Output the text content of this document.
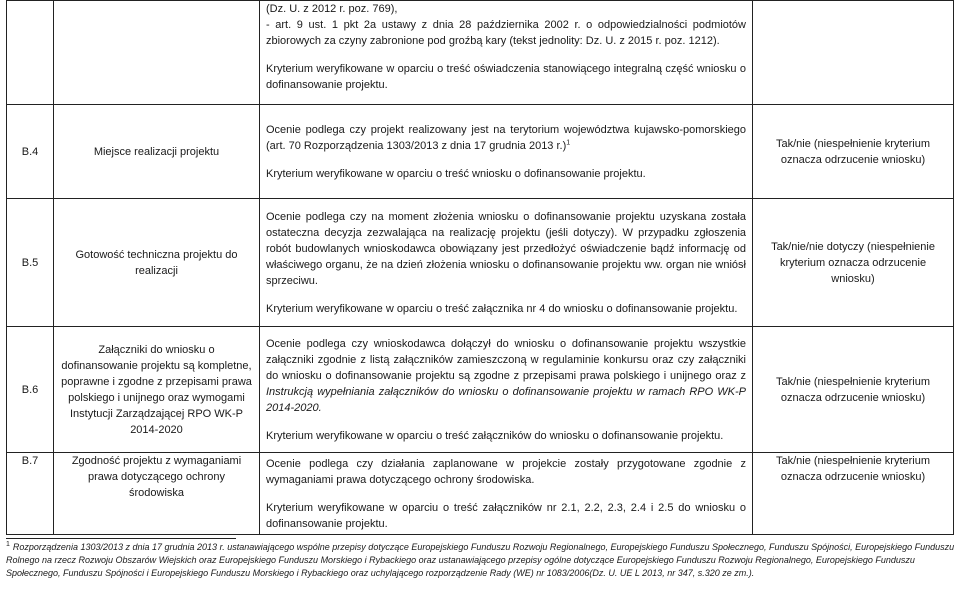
		(Dz. U. z 2012 r. poz. 769),

- art. 9 ust. 1 pkt 2a ustawy z dnia 28 października 2002 r. o odpowiedzialności podmiotów zbiorowych za czyny zabronione pod groźbą kary (tekst jednolity: Dz. U. z 2015 r. poz. 1212).

Kryterium weryfikowane w oparciu o treść oświadczenia stanowiącego integralną część wniosku o dofinansowanie projektu.	

B.4	Miejsce realizacji projektu	Ocenie podlega czy projekt realizowany jest na terytorium województwa kujawsko-pomorskiego (art. 70 Rozporządzenia 1303/2013 z dnia 17 grudnia 2013 r.)$^1$

Kryterium weryfikowane w oparciu o treść wniosku o dofinansowanie projektu.	Tak/nie (niespełnienie kryterium oznacza odrzucenie wniosku)
B.5	Gotowość techniczna projektu do realizacji	Ocenie podlega czy na moment złożenia wniosku o dofinansowanie projektu uzyskana została ostateczna decyzja zezwalająca na realizację projektu (jeśli dotyczy). W przypadku zgłoszenia robót budowlanych wnioskodawca obowiązany jest przedłożyć oświadczenie bądź informację od właściwego organu, że na dzień złożenia wniosku o dofinansowanie projektu ww. organ nie wniósł sprzeciwu.

Kryterium weryfikowane w oparciu o treść załącznika nr 4 do wniosku o dofinansowanie projektu.	Tak/nie/nie dotyczy (niespełnienie kryterium oznacza odrzucenie wniosku)
B.6	Załączniki do wniosku o dofinansowanie projektu są kompletne, poprawne i zgodne z przepisami prawa polskiego i unijnego oraz wymogami Instytucji Zarządzającej RPO WK-P 2014-2020	Ocenie podlega czy wnioskodawca dołączył do wniosku o dofinansowanie projektu wszystkie załączniki zgodnie z listą załączników zamieszczoną w regulaminie konkursu oraz czy załączniki do wniosku o dofinansowanie projektu są zgodne z przepisami prawa polskiego i unijnego oraz z Instrukcją wypełniania załączników do wniosku o dofinansowanie projektu w ramach RPO WK-P 2014-2020.

Kryterium weryfikowane w oparciu o treść załączników do wniosku o dofinansowanie projektu.	Tak/nie (niespełnienie kryterium oznacza odrzucenie wniosku)
B.7	Zgodność projektu z wymaganiami prawa dotyczącego ochrony środowiska	Ocenie podlega czy działania zaplanowane w projekcie zostały przygotowane zgodnie z wymaganiami prawa dotyczącego ochrony środowiska.

Kryterium weryfikowane w oparciu o treść załączników nr 2.1, 2.2, 2.3, 2.4 i 2.5 do wniosku o dofinansowanie projektu.	Tak/nie (niespełnienie kryterium oznacza odrzucenie wniosku)
$^1$ Rozporządzenia 1303/2013 z dnia 17 grudnia 2013 r. ustanawiającego wspólne przepisy dotyczące Europejskiego Funduszu Rozwoju Regionalnego, Europejskiego Funduszu Społecznego, Funduszu Spójności, Europejskiego Funduszu Rolnego na rzecz Rozwoju Obszarów Wiejskich oraz Europejskiego Funduszu Morskiego i Rybackiego oraz ustanawiającego przepisy ogólne dotyczące Europejskiego Funduszu Rozwoju Regionalnego, Europejskiego Funduszu Społecznego, Funduszu Spójności i Europejskiego Funduszu Morskiego i Rybackiego oraz uchylającego rozporządzenie Rady (WE) nr 1083/2006(Dz. U. UE L 2013, nr 347, s.320 ze zm.).
